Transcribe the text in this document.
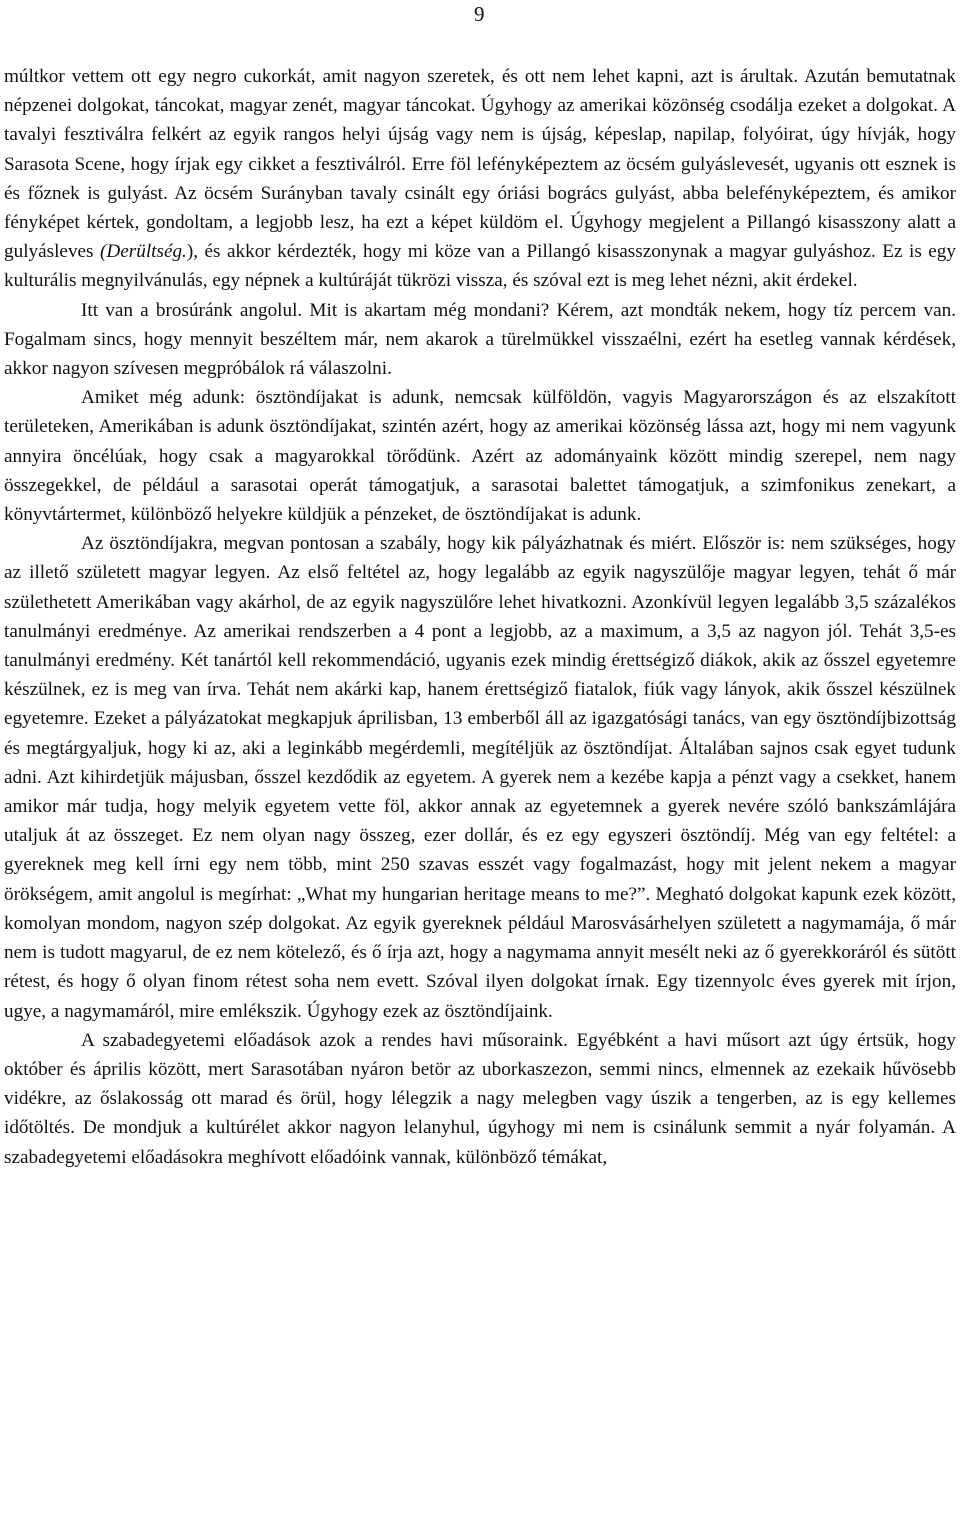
9

múltkor vettem ott egy negro cukorkát, amit nagyon szeretek, és ott nem lehet kapni, azt is árultak. Azután bemutatnak népzenei dolgokat, táncokat, magyar zenét, magyar táncokat. Úgyhogy az amerikai közönség csodálja ezeket a dolgokat. A tavalyi fesztiválra felkért az egyik rangos helyi újság vagy nem is újság, képeslap, napilap, folyóirat, úgy hívják, hogy Sarasota Scene, hogy írjak egy cikket a fesztiválról. Erre föl lefényképeztem az öcsém gulyáslevesét, ugyanis ott esznek is és főznek is gulyást. Az öcsém Surányban tavaly csinált egy óriási bogrács gulyást, abba belefényképeztem, és amikor fényképet kértek, gondoltam, a legjobb lesz, ha ezt a képet küldöm el. Úgyhogy megjelent a Pillangó kisasszony alatt a gulyásleves (Derültség.), és akkor kérdezték, hogy mi köze van a Pillangó kisasszonynak a magyar gulyáshoz. Ez is egy kulturális megnyilvánulás, egy népnek a kultúráját tükrözi vissza, és szóval ezt is meg lehet nézni, akit érdekel.

Itt van a brosúránk angolul. Mit is akartam még mondani? Kérem, azt mondták nekem, hogy tíz percem van. Fogalmam sincs, hogy mennyit beszéltem már, nem akarok a türelmükkel visszaélni, ezért ha esetleg vannak kérdések, akkor nagyon szívesen megpróbálok rá válaszolni.

Amiket még adunk: ösztöndíjakat is adunk, nemcsak külföldön, vagyis Magyarországon és az elszakított területeken, Amerikában is adunk ösztöndíjakat, szintén azért, hogy az amerikai közönség lássa azt, hogy mi nem vagyunk annyira öncélúak, hogy csak a magyarokkal törődünk. Azért az adományaink között mindig szerepel, nem nagy összegekkel, de például a sarasotai operát támogatjuk, a sarasotai balettet támogatjuk, a szimfonikus zenekart, a könyvtártermet, különböző helyekre küldjük a pénzeket, de ösztöndíjakat is adunk.

Az ösztöndíjakra, megvan pontosan a szabály, hogy kik pályázhatnak és miért. Először is: nem szükséges, hogy az illető született magyar legyen. Az első feltétel az, hogy legalább az egyik nagyszülője magyar legyen, tehát ő már születhetett Amerikában vagy akárhol, de az egyik nagyszülőre lehet hivatkozni. Azonkívül legyen legalább 3,5 százalékos tanulmányi eredménye. Az amerikai rendszerben a 4 pont a legjobb, az a maximum, a 3,5 az nagyon jól. Tehát 3,5-es tanulmányi eredmény. Két tanártól kell rekommendáció, ugyanis ezek mindig érettségiző diákok, akik az ősszel egyetemre készülnek, ez is meg van írva. Tehát nem akárki kap, hanem érettségiző fiatalok, fiúk vagy lányok, akik ősszel készülnek egyetemre. Ezeket a pályázatokat megkapjuk áprilisban, 13 emberből áll az igazgatósági tanács, van egy ösztöndíjbizottság és megtárgyaljuk, hogy ki az, aki a leginkább megérdemli, megítéljük az ösztöndíjat. Általában sajnos csak egyet tudunk adni. Azt kihirdetjük májusban, ősszel kezdődik az egyetem. A gyerek nem a kezébe kapja a pénzt vagy a csekket, hanem amikor már tudja, hogy melyik egyetem vette föl, akkor annak az egyetemnek a gyerek nevére szóló bankszámlájára utaljuk át az összeget. Ez nem olyan nagy összeg, ezer dollár, és ez egy egyszeri ösztöndíj. Még van egy feltétel: a gyereknek meg kell írni egy nem több, mint 250 szavas esszét vagy fogalmazást, hogy mit jelent nekem a magyar örökségem, amit angolul is megírhat: „What my hungarian heritage means to me?”. Megható dolgokat kapunk ezek között, komolyan mondom, nagyon szép dolgokat. Az egyik gyereknek például Marosvásárhelyen született a nagymamája, ő már nem is tudott magyarul, de ez nem kötelező, és ő írja azt, hogy a nagymama annyit mesélt neki az ő gyerekkoráról és sütött rétest, és hogy ő olyan finom rétest soha nem evett. Szóval ilyen dolgokat írnak. Egy tizennyolc éves gyerek mit írjon, ugye, a nagymamáról, mire emlékszik. Úgyhogy ezek az ösztöndíjaink.

A szabadegyetemi előadások azok a rendes havi műsoraink. Egyébként a havi műsort azt úgy értsük, hogy október és április között, mert Sarasotában nyáron betör az uborkaszezon, semmi nincs, elmennek az ezekaik hűvösebb vidékre, az őslakosság ott marad és örül, hogy lélegzik a nagy melegben vagy úszik a tengerben, az is egy kellemes időtöltés. De mondjuk a kultúrélet akkor nagyon lelanyhul, úgyhogy mi nem is csinálunk semmit a nyár folyamán. A szabadegyetemi előadásokra meghívott előadóink vannak, különböző témákat,
